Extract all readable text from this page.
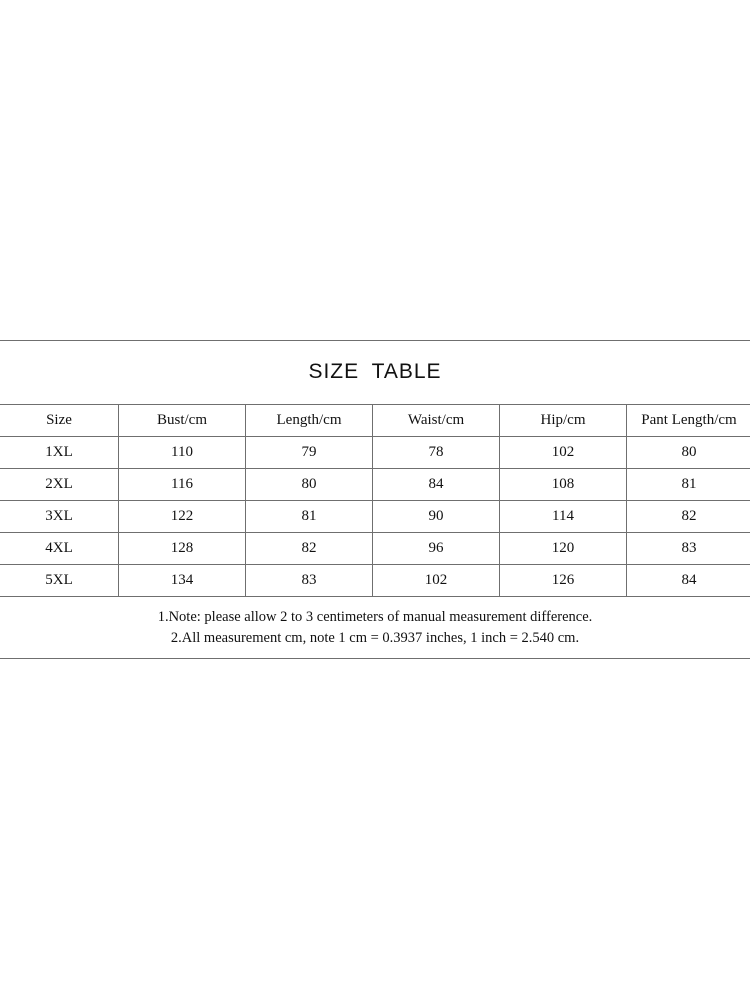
SIZE TABLE
Size	Bust/cm	Length/cm	Waist/cm	Hip/cm	Pant Length/cm
1XL	110	79	78	102	80
2XL	116	80	84	108	81
3XL	122	81	90	114	82
4XL	128	82	96	120	83
5XL	134	83	102	126	84
1.Note: please allow 2 to 3 centimeters of manual measurement difference.
2.All measurement cm, note 1 cm = 0.3937 inches, 1 inch = 2.540 cm.
